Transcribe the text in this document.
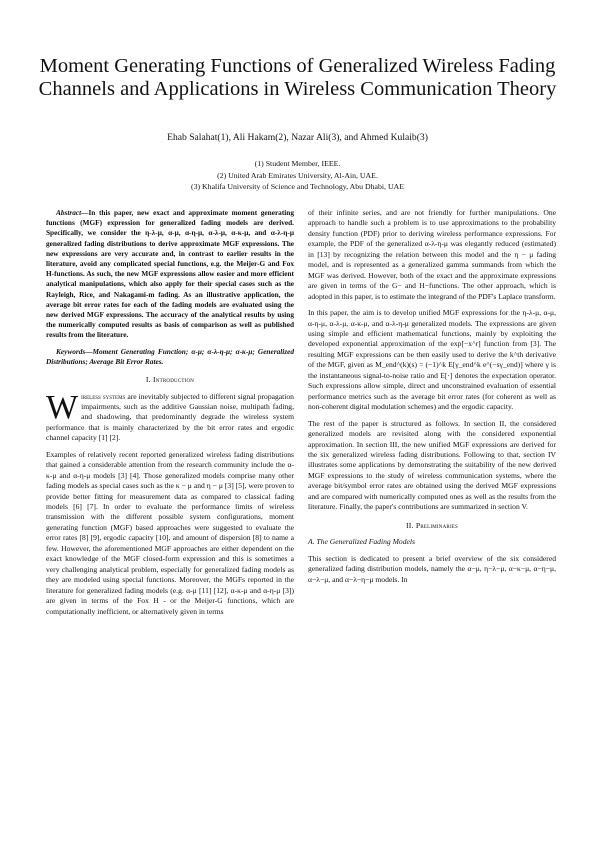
Moment Generating Functions of Generalized Wireless Fading Channels and Applications in Wireless Communication Theory
Ehab Salahat(1), Ali Hakam(2), Nazar Ali(3), and Ahmed Kulaib(3)
(1) Student Member, IEEE.
(2) United Arab Emirates University, Al-Ain, UAE.
(3) Khalifa University of Science and Technology, Abu Dhabi, UAE

Abstract—In this paper, new exact and approximate moment generating functions (MGF) expression for generalized fading models are derived. Specifically, we consider the η-λ-μ, α-μ, α-η-μ, α-λ-μ, α-κ-μ, and α-λ-η-μ generalized fading distributions to derive approximate MGF expressions. The new expressions are very accurate and, in contrast to earlier results in the literature, avoid any complicated special functions, e.g. the Meijer-G and Fox H-functions. As such, the new MGF expressions allow easier and more efficient analytical manipulations, which also apply for their special cases such as the Rayleigh, Rice, and Nakagami-m fading. As an illustrative application, the average bit error rates for each of the fading models are evaluated using the new derived MGF expressions. The accuracy of the analytical results by using the numerically computed results as basis of comparison as well as published results from the literature.

Keywords—Moment Generating Function; α-μ; α-λ-η-μ; α-κ-μ; Generalized Distributions; Average Bit Error Rates.

I. Introduction

Wireless systems are inevitably subjected to different signal propagation impairments, such as the additive Gaussian noise, multipath fading, and shadowing, that predominantly degrade the wireless system performance that is mainly characterized by the bit error rates and ergodic channel capacity [1] [2].

Examples of relatively recent reported generalized wireless fading distributions that gained a considerable attention from the research community include the α-κ-μ and α-η-μ models [3] [4]. Those generalized models comprise many other fading models as special cases such as the κ − μ and η − μ [3] [5], were proven to provide better fitting for measurement data as compared to classical fading models [6] [7]. In order to evaluate the performance limits of wireless transmission with the different possible system configurations, moment generating function (MGF) based approaches were suggested to evaluate the error rates [8] [9], ergodic capacity [10], and amount of dispersion [8] to name a few. However, the aforementioned MGF approaches are either dependent on the exact knowledge of the MGF closed-form expression and this is sometimes a very challenging analytical problem, especially for generalized fading models as they are modeled using special functions. Moreover, the MGFs reported in the literature for generalized fading models (e.g. α-μ [11] [12], α-κ-μ and α-η-μ [3]) are given in terms of the Fox H - or the Meijer-G functions, which are computationally inefficient, or alternatively given in terms

of their infinite series, and are not friendly for further manipulations. One approach to handle such a problem is to use approximations to the probability density function (PDF) prior to deriving wireless performance expressions. For example, the PDF of the generalized α-λ-η-μ was elegantly reduced (estimated) in [13] by recognizing the relation between this model and the η − μ fading model, and is represented as a generalized gamma summands from which the MGF was derived. However, both of the exact and the approximate expressions are given in terms of the G− and H−functions. The other approach, which is adopted in this paper, is to estimate the integrand of the PDF's Laplace transform.

In this paper, the aim is to develop unified MGF expressions for the η-λ-μ, α-μ, α-η-μ, α-λ-μ, α-κ-μ, and α-λ-η-μ generalized models. The expressions are given using simple and efficient mathematical functions, mainly by exploiting the developed exponential approximation of the exp[−x^r] function from [3]. The resulting MGF expressions can be then easily used to derive the k^th derivative of the MGF, given as M_end^(k)(s) = (−1)^k E[γ_end^k e^(−sγ_end)] where γ is the instantaneous signal-to-noise ratio and E[·] denotes the expectation operator. Such expressions allow simple, direct and unconstrained evaluation of essential performance metrics such as the average bit error rates (for coherent as well as non-coherent digital modulation schemes) and the ergodic capacity.

The rest of the paper is structured as follows. In section II, the considered generalized models are revisited along with the considered exponential approximation. In section III, the new unified MGF expressions are derived for the six generalized wireless fading distributions. Following to that, section IV illustrates some applications by demonstrating the suitability of the new derived MGF expressions to the study of wireless communication systems, where the average bit/symbol error rates are obtained using the derived MGF expressions and are compared with numerically computed ones as well as the results from the literature. Finally, the paper's contributions are summarized in section V.

II. Preliminaries

A. The Generalized Fading Models

This section is dedicated to present a brief overview of the six considered generalized fading distribution models, namely the α−μ, η−λ−μ, α−κ−μ, α−η−μ, α−λ−μ, and α−λ−η−μ models. In
